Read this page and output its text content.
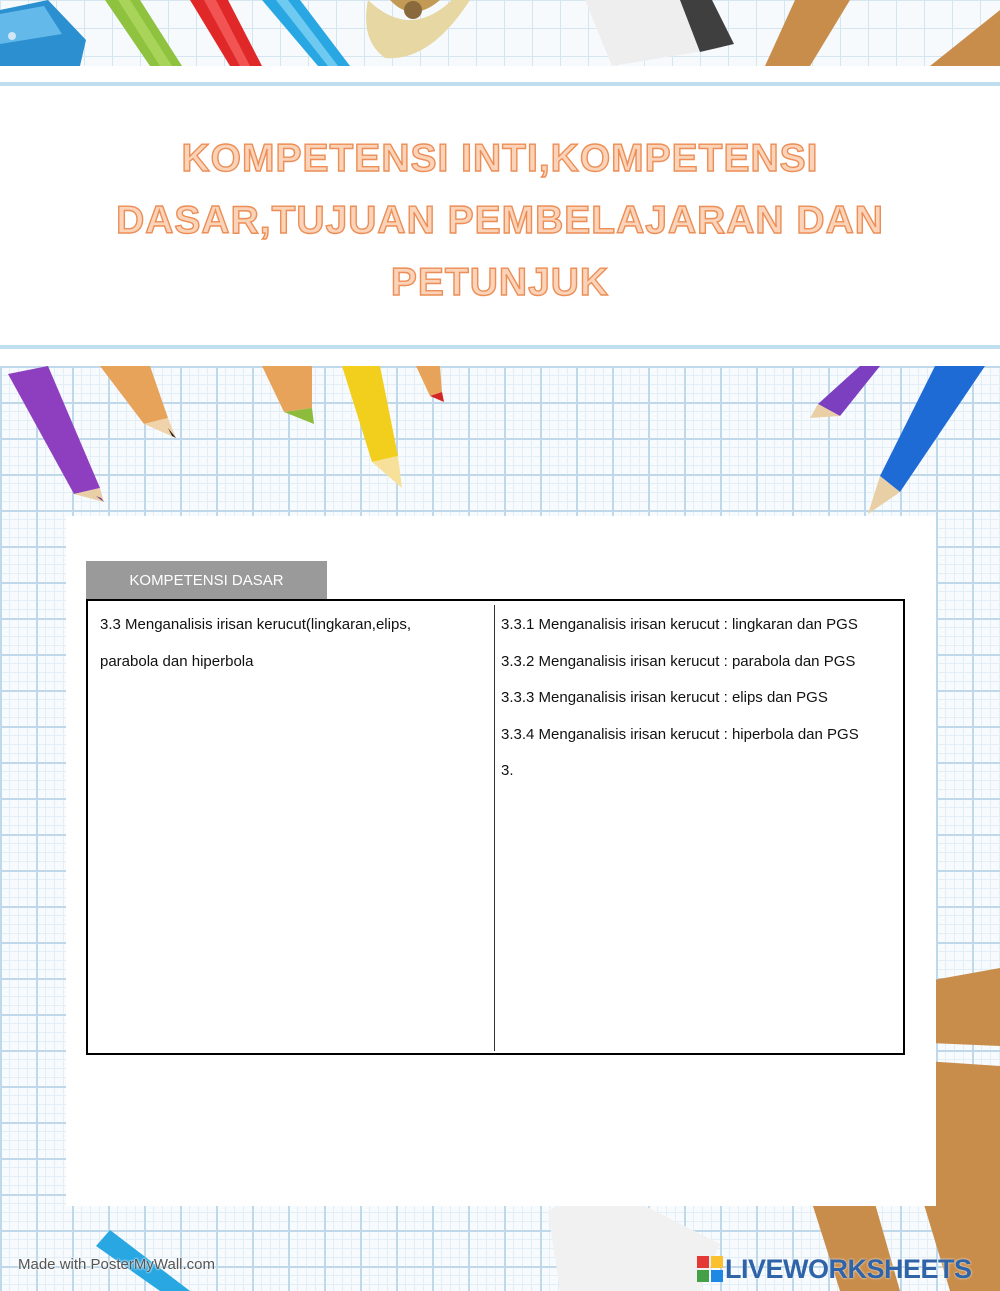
KOMPETENSI INTI,KOMPETENSI DASAR,TUJUAN PEMBELAJARAN DAN PETUNJUK
KOMPETENSI DASAR
3.3 Menganalisis irisan kerucut(lingkaran,elips,
parabola dan hiperbola
3.3.1 Menganalisis irisan kerucut : lingkaran dan PGS
3.3.2 Menganalisis irisan kerucut : parabola dan PGS
3.3.3 Menganalisis irisan kerucut : elips dan PGS
3.3.4 Menganalisis irisan kerucut : hiperbola dan PGS
3.
Made with PosterMyWall.com	LIVEWORKSHEETS
